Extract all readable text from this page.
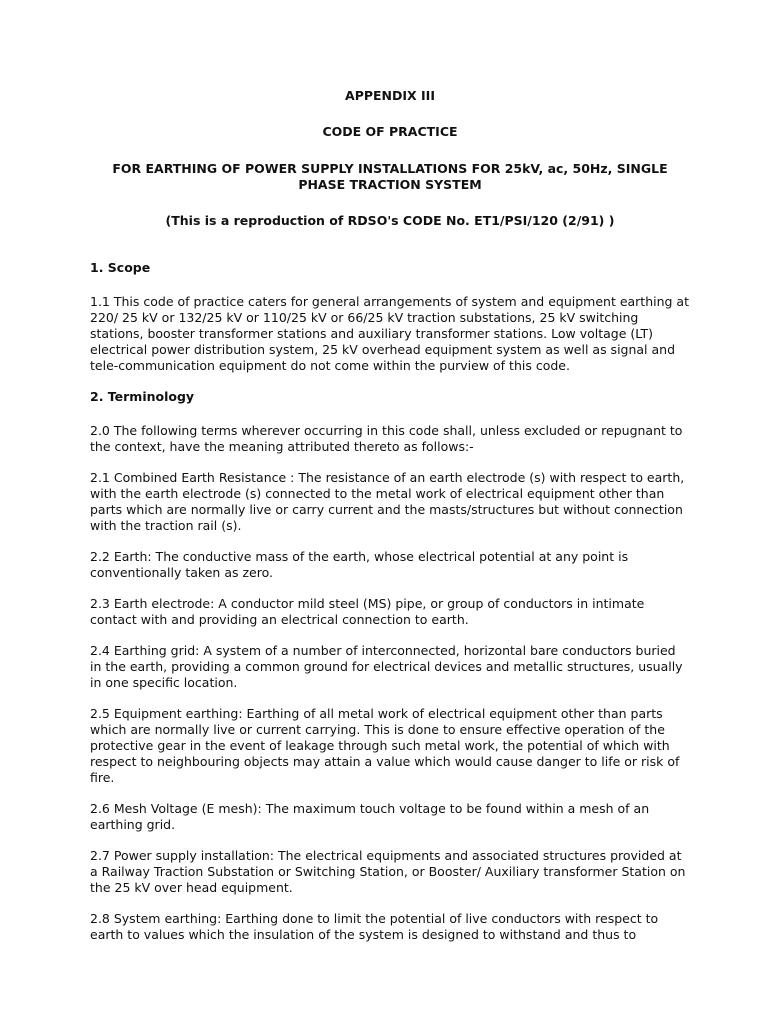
APPENDIX III
CODE OF PRACTICE
FOR EARTHING OF POWER SUPPLY INSTALLATIONS FOR 25kV, ac, 50Hz, SINGLE PHASE TRACTION SYSTEM
(This is a reproduction of RDSO's CODE No. ET1/PSI/120 (2/91) )
1. Scope

1.1 This code of practice caters for general arrangements of system and equipment earthing at 220/ 25 kV or 132/25 kV or 110/25 kV or 66/25 kV traction substations, 25 kV switching stations, booster transformer stations and auxiliary transformer stations. Low voltage (LT) electrical power distribution system, 25 kV overhead equipment system as well as signal and tele-communication equipment do not come within the purview of this code.

2. Terminology

2.0 The following terms wherever occurring in this code shall, unless excluded or repugnant to the context, have the meaning attributed thereto as follows:-

2.1 Combined Earth Resistance : The resistance of an earth electrode (s) with respect to earth, with the earth electrode (s) connected to the metal work of electrical equipment other than parts which are normally live or carry current and the masts/structures but without connection with the traction rail (s).

2.2 Earth: The conductive mass of the earth, whose electrical potential at any point is conventionally taken as zero.

2.3 Earth electrode: A conductor mild steel (MS) pipe, or group of conductors in intimate contact with and providing an electrical connection to earth.

2.4 Earthing grid: A system of a number of interconnected, horizontal bare conductors buried in the earth, providing a common ground for electrical devices and metallic structures, usually in one specific location.

2.5 Equipment earthing: Earthing of all metal work of electrical equipment other than parts which are normally live or current carrying. This is done to ensure effective operation of the protective gear in the event of leakage through such metal work, the potential of which with respect to neighbouring objects may attain a value which would cause danger to life or risk of fire.

2.6 Mesh Voltage (E mesh): The maximum touch voltage to be found within a mesh of an earthing grid.

2.7 Power supply installation: The electrical equipments and associated structures provided at a Railway Traction Substation or Switching Station, or Booster/ Auxiliary transformer Station on the 25 kV over head equipment.

2.8 System earthing: Earthing done to limit the potential of live conductors with respect to earth to values which the insulation of the system is designed to withstand and thus to
